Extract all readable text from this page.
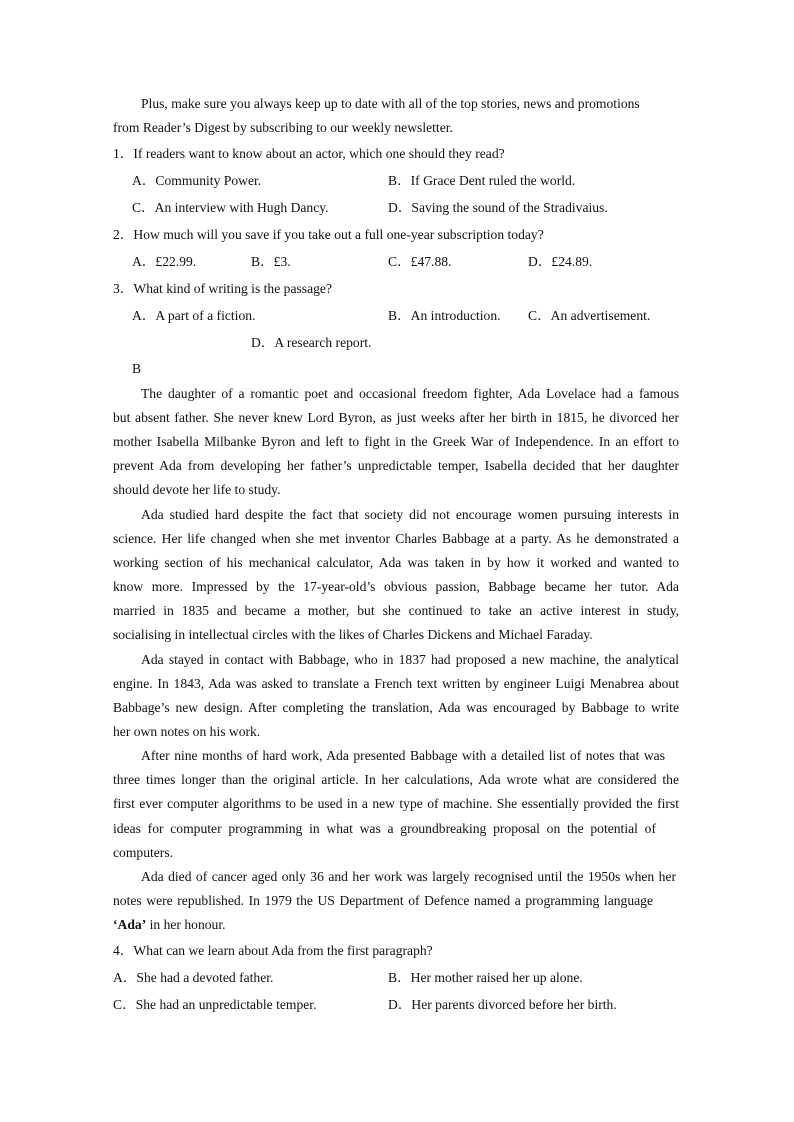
Plus, make sure you always keep up to date with all of the top stories, news and promotions
from Reader’s Digest by subscribing to our weekly newsletter.
1．If readers want to know about an actor, which one should they read?
A．Community Power.	B．If Grace Dent ruled the world.
C．An interview with Hugh Dancy.	D．Saving the sound of the Stradivaius.
2．How much will you save if you take out a full one-year subscription today?
A．£22.99.	B．£3.	C．£47.88.	D．£24.89.
3．What kind of writing is the passage?
A．A part of a fiction.	B．An introduction. C．An advertisement.
D．A research report.
B
The daughter of a romantic poet and occasional freedom fighter, Ada Lovelace had a famous
but absent father. She never knew Lord Byron, as just weeks after her birth in 1815, he divorced her
mother Isabella Milbanke Byron and left to fight in the Greek War of Independence. In an effort to
prevent Ada from developing her father’s unpredictable temper, Isabella decided that her daughter
should devote her life to study.
Ada studied hard despite the fact that society did not encourage women pursuing interests in
science. Her life changed when she met inventor Charles Babbage at a party. As he demonstrated a
working section of his mechanical calculator, Ada was taken in by how it worked and wanted to
know more. Impressed by the 17-year-old’s obvious passion, Babbage became her tutor. Ada
married in 1835 and became a mother, but she continued to take an active interest in study,
socialising in intellectual circles with the likes of Charles Dickens and Michael Faraday.
Ada stayed in contact with Babbage, who in 1837 had proposed a new machine, the analytical
engine. In 1843, Ada was asked to translate a French text written by engineer Luigi Menabrea about
Babbage’s new design. After completing the translation, Ada was encouraged by Babbage to write
her own notes on his work.
After nine months of hard work, Ada presented Babbage with a detailed list of notes that was
three times longer than the original article. In her calculations, Ada wrote what are considered the
first ever computer algorithms to be used in a new type of machine. She essentially provided the first
ideas for computer programming in what was a groundbreaking proposal on the potential of
computers.
Ada died of cancer aged only 36 and her work was largely recognised until the 1950s when her
notes were republished. In 1979 the US Department of Defence named a programming language
‘Ada’ in her honour.
4．What can we learn about Ada from the first paragraph?
A．She had a devoted father.	B．Her mother raised her up alone.
C．She had an unpredictable temper.	D．Her parents divorced before her birth.
